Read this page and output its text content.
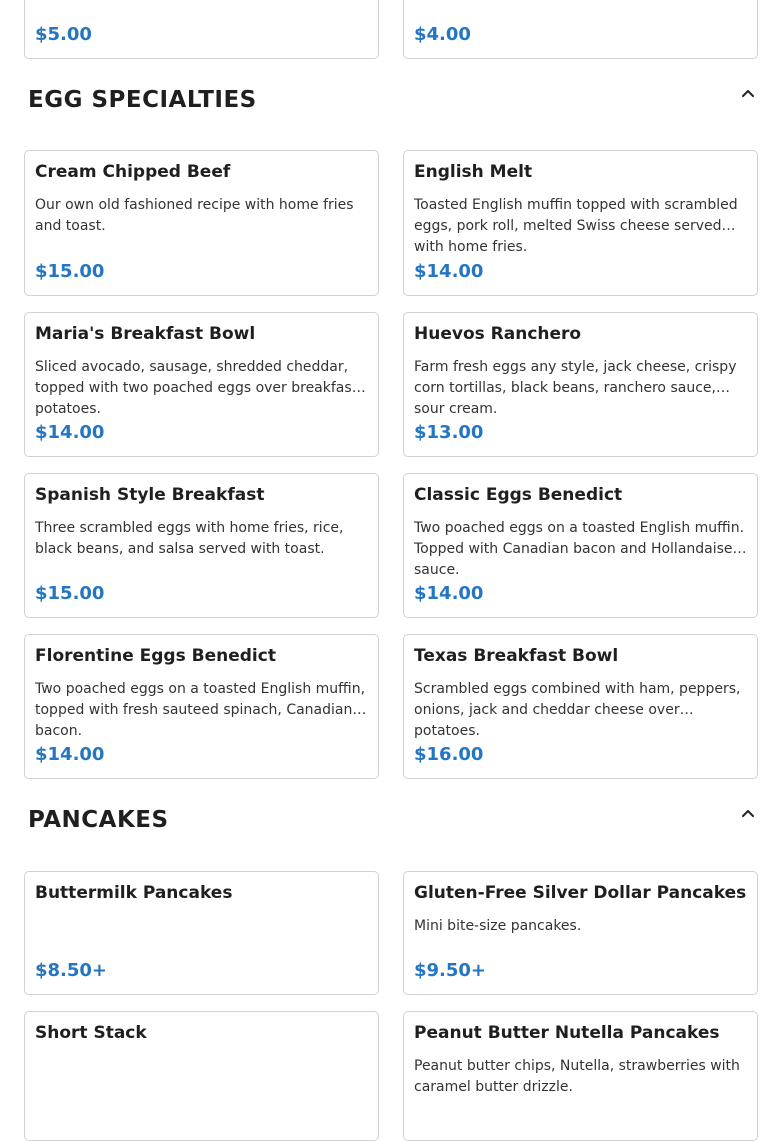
$5.00	$4.00
EGG SPECIALTIES
Cream Chipped Beef
Our own old fashioned recipe with home fries and toast.
$15.00
English Melt
Toasted English muffin topped with scrambled eggs, pork roll, melted Swiss cheese served with home fries.
$14.00
Maria's Breakfast Bowl
Sliced avocado, sausage, shredded cheddar, topped with two poached eggs over breakfast potatoes.
$14.00
Huevos Ranchero
Farm fresh eggs any style, jack cheese, crispy corn tortillas, black beans, ranchero sauce, sour cream.
$13.00
Spanish Style Breakfast
Three scrambled eggs with home fries, rice, black beans, and salsa served with toast.
$15.00
Classic Eggs Benedict
Two poached eggs on a toasted English muffin. Topped with Canadian bacon and Hollandaise sauce.
$14.00
Florentine Eggs Benedict
Two poached eggs on a toasted English muffin, topped with fresh sauteed spinach, Canadian bacon.
$14.00
Texas Breakfast Bowl
Scrambled eggs combined with ham, peppers, onions, jack and cheddar cheese over potatoes.
$16.00
PANCAKES
Buttermilk Pancakes
$8.50+
Gluten-Free Silver Dollar Pancakes
Mini bite-size pancakes.
$9.50+
Short Stack	Peanut Butter Nutella Pancakes
Peanut butter chips, Nutella, strawberries with caramel butter drizzle.
